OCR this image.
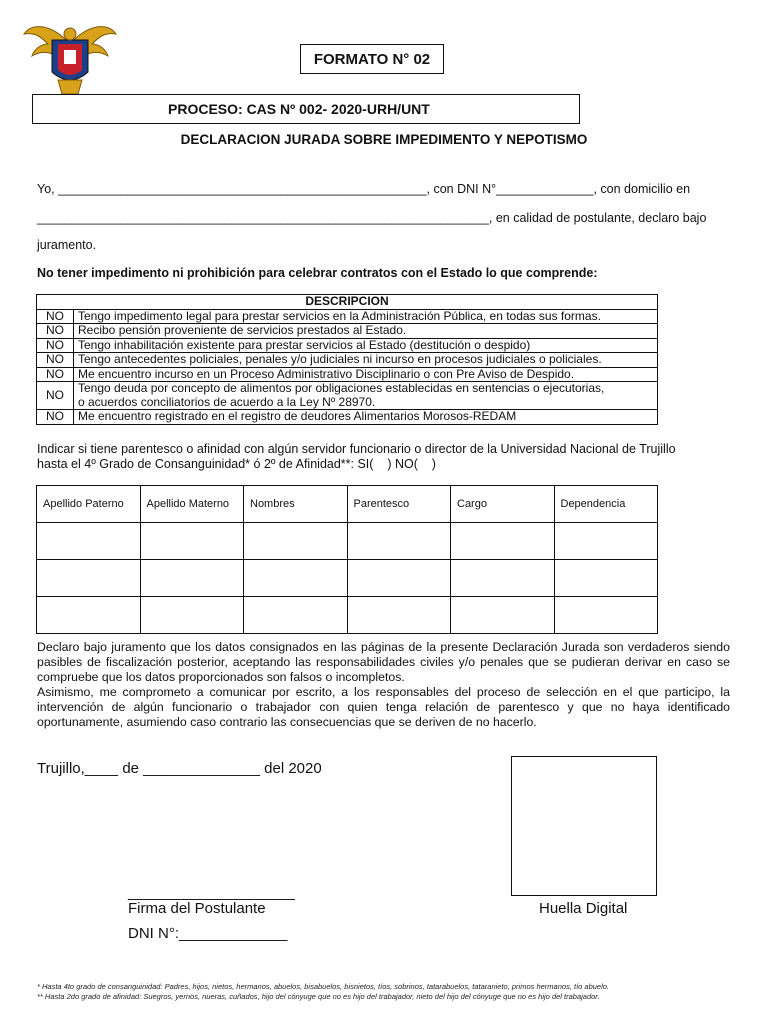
FORMATO N° 02
PROCESO: CAS Nº 002- 2020-URH/UNT
DECLARACION JURADA SOBRE IMPEDIMENTO Y NEPOTISMO
Yo, _____________________________________________________, con DNI N°______________, con domicilio en
_________________________________________________________________, en calidad de postulante, declaro bajo
juramento.
No tener impedimento ni prohibición para celebrar contratos con el Estado lo que comprende:
DESCRIPCION	
NO	Tengo impedimento legal para prestar servicios en la Administración Pública, en todas sus formas.
NO	Recibo pensión proveniente de servicios prestados al Estado.
NO	Tengo inhabilitación existente para prestar servicios al Estado (destitución o despido)
NO	Tengo antecedentes policiales, penales y/o judiciales ni incurso en procesos judiciales o policiales.
NO	Me encuentro incurso en un Proceso Administrativo Disciplinario o con Pre Aviso de Despido.
NO	Tengo deuda por concepto de alimentos por obligaciones establecidas en sentencias o ejecutorias,
o acuerdos conciliatorios de acuerdo a la Ley Nº 28970.

NO	Me encuentro registrado en el registro de deudores Alimentarios Morosos-REDAM
Indicar si tiene parentesco o afinidad con algún servidor funcionario o director de la Universidad Nacional de Trujillo
hasta el 4º Grado de Consanguinidad* ó 2º de Afinidad**: SI(    ) NO(    )
Apellido Paterno	Apellido Materno	Nombres	Parentesco	Cargo	Dependencia

Declaro bajo juramento que los datos consignados en las páginas de la presente Declaración Jurada son verdaderos siendo pasibles de fiscalización posterior, aceptando las responsabilidades civiles y/o penales que se pudieran derivar en caso se compruebe que los datos proporcionados son falsos o incompletos.
Asimismo, me comprometo a comunicar por escrito, a los responsables del proceso de selección en el que participo, la intervención de algún funcionario o trabajador con quien tenga relación de parentesco y que no haya identificado oportunamente, asumiendo caso contrario las consecuencias que se deriven de no hacerlo.
Trujillo,____ de ______________ del 2020
Huella Digital
____________________
Firma del Postulante
DNI N°:_____________
* Hasta 4to grado de consanguinidad: Padres, hijos, nietos, hermanos, abuelos, bisabuelos, bisnietos, tíos, sobrinos, tatarabuelos, tataranieto, primos hermanos, tío abuelo.
** Hasta 2do grado de afinidad: Suegros, yernos, nueras, cuñados, hijo del cónyuge que no es hijo del trabajador, nieto del hijo del cónyuge que no es hijo del trabajador.
